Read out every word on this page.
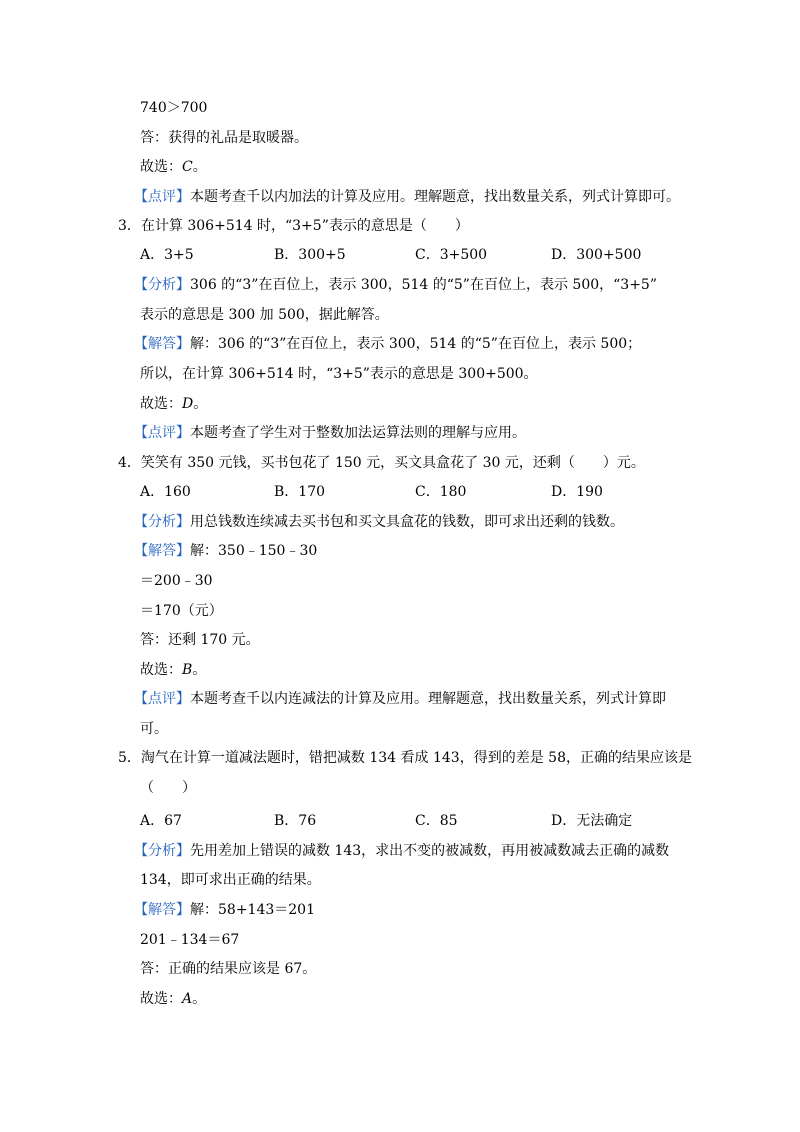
740＞700
答：获得的礼品是取暖器。
故选：C。
【点评】本题考查千以内加法的计算及应用。理解题意，找出数量关系，列式计算即可。
3．在计算 306+514 时，“3+5”表示的意思是（　　）
A．3+5	B．300+5	C．3+500	D．300+500
【分析】306 的“3”在百位上，表示 300，514 的“5”在百位上，表示 500，“3+5”
表示的意思是 300 加 500，据此解答。
【解答】解：306 的“3”在百位上，表示 300，514 的“5”在百位上，表示 500；
所以，在计算 306+514 时，“3+5”表示的意思是 300+500。
故选：D。
【点评】本题考查了学生对于整数加法运算法则的理解与应用。
4．笑笑有 350 元钱，买书包花了 150 元，买文具盒花了 30 元，还剩（　　）元。
A．160	B．170	C．180	D．190
【分析】用总钱数连续减去买书包和买文具盒花的钱数，即可求出还剩的钱数。
【解答】解：350﹣150﹣30
＝200﹣30
＝170（元）
答：还剩 170 元。
故选：B。
【点评】本题考查千以内连减法的计算及应用。理解题意，找出数量关系，列式计算即
可。
5．淘气在计算一道减法题时，错把减数 134 看成 143，得到的差是 58，正确的结果应该是
（　　）
A．67	B．76	C．85	D．无法确定
【分析】先用差加上错误的减数 143，求出不变的被减数，再用被减数减去正确的减数
134，即可求出正确的结果。
【解答】解：58+143＝201
201﹣134＝67
答：正确的结果应该是 67。
故选：A。
